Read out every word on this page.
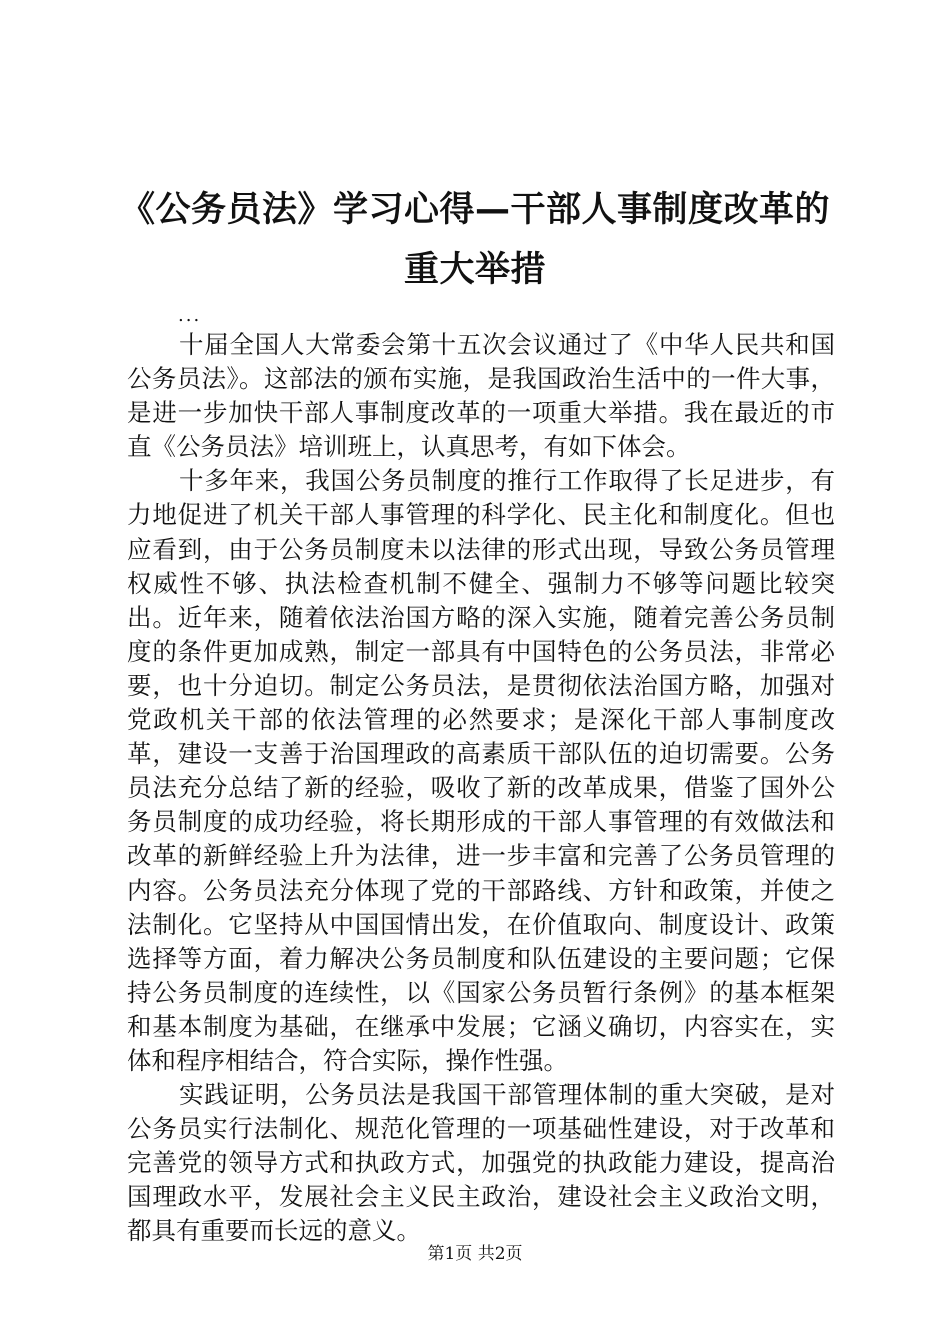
《公务员法》学习心得—干部人事制度改革的
重大举措
...

十届全国人大常委会第十五次会议通过了《中华人民共和国公务员法》。这部法的颁布实施，是我国政治生活中的一件大事，是进一步加快干部人事制度改革的一项重大举措。我在最近的市直《公务员法》培训班上，认真思考，有如下体会。

十多年来，我国公务员制度的推行工作取得了长足进步，有力地促进了机关干部人事管理的科学化、民主化和制度化。但也应看到，由于公务员制度未以法律的形式出现，导致公务员管理权威性不够、执法检查机制不健全、强制力不够等问题比较突出。近年来，随着依法治国方略的深入实施，随着完善公务员制度的条件更加成熟，制定一部具有中国特色的公务员法，非常必要，也十分迫切。制定公务员法，是贯彻依法治国方略，加强对党政机关干部的依法管理的必然要求；是深化干部人事制度改革，建设一支善于治国理政的高素质干部队伍的迫切需要。公务员法充分总结了新的经验，吸收了新的改革成果，借鉴了国外公务员制度的成功经验，将长期形成的干部人事管理的有效做法和改革的新鲜经验上升为法律，进一步丰富和完善了公务员管理的内容。公务员法充分体现了党的干部路线、方针和政策，并使之法制化。它坚持从中国国情出发，在价值取向、制度设计、政策选择等方面，着力解决公务员制度和队伍建设的主要问题；它保持公务员制度的连续性，以《国家公务员暂行条例》的基本框架和基本制度为基础，在继承中发展；它涵义确切，内容实在，实体和程序相结合，符合实际，操作性强。

实践证明，公务员法是我国干部管理体制的重大突破，是对公务员实行法制化、规范化管理的一项基础性建设，对于改革和完善党的领导方式和执政方式，加强党的执政能力建设，提高治国理政水平，发展社会主义民主政治，建设社会主义政治文明，都具有重要而长远的意义。

第1页 共2页
